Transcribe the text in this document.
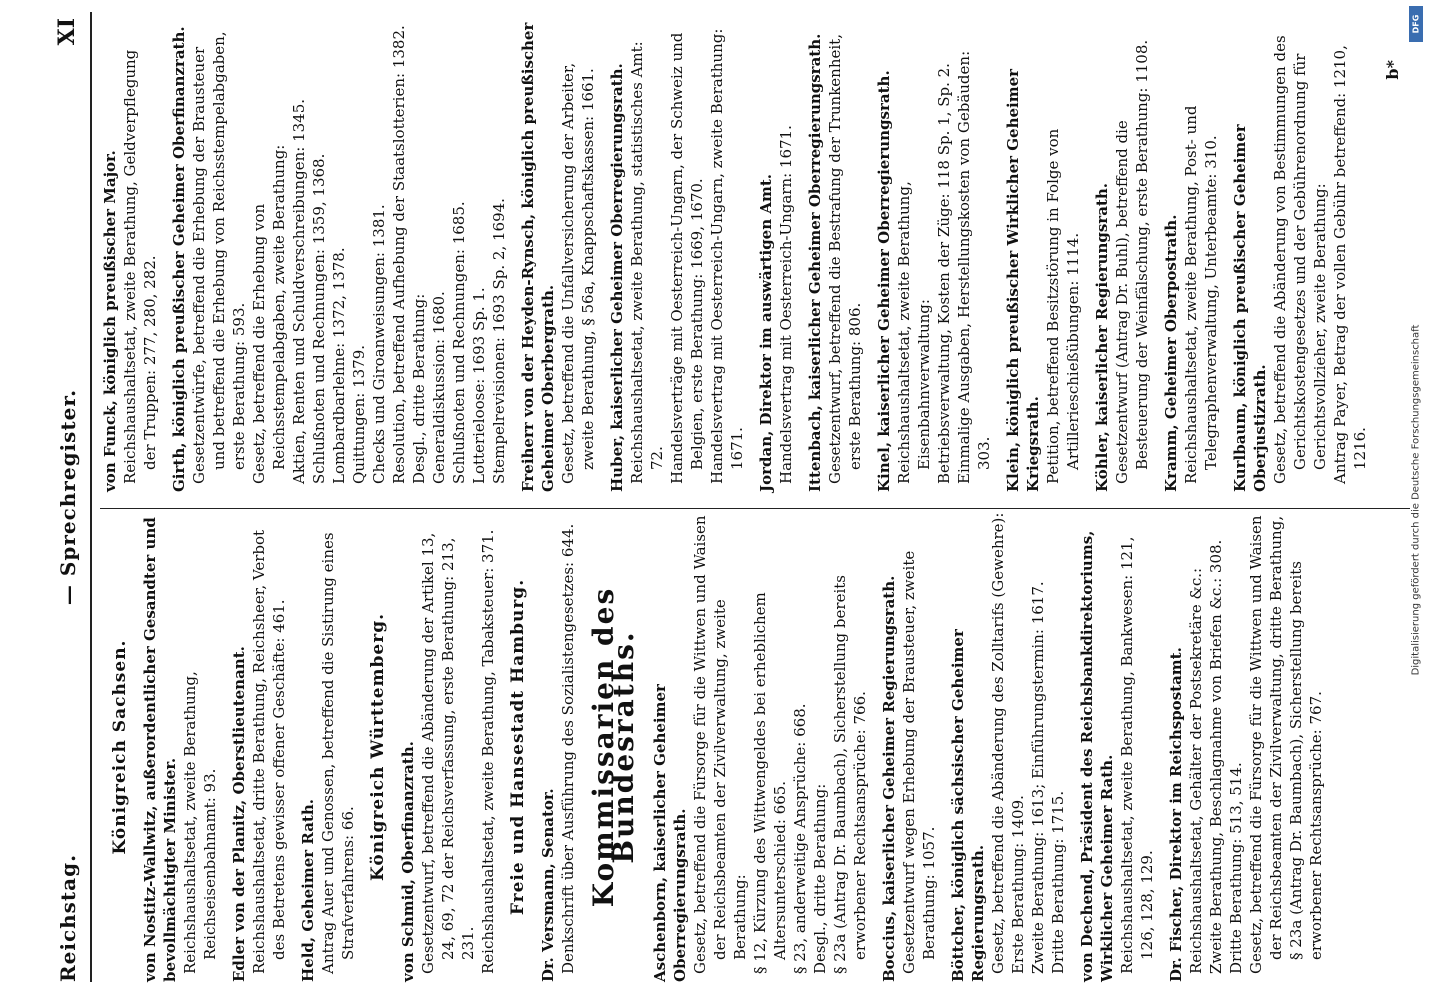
Reichstag.
— Sprechregister.
XI
Königreich Sachsen. von Nostitz-Wallwitz, außerordentlicher Gesandter und bevollmächtigter Minister. Reichshaushaltsetat, zweite Berathung, Reichseisenbahnamt: 93. Edler von der Planitz, Oberstlieutenant. Reichshaushaltsetat, dritte Berathung, Reichsheer, Verbot des Betretens gewisser offener Geschäfte: 461. Held, Geheimer Rath. Antrag Auer und Genossen, betreffend die Sistirung eines Strafverfahrens: 66.

Königreich Württemberg. von Schmid, Oberfinanzrath. Gesetzentwurf, betreffend die Abänderung der Artikel 13, 24, 69, 72 der Reichsverfassung, erste Berathung: 213, 231. Reichshaushaltsetat, zweite Berathung, Tabaksteuer: 371. Freie und Hansestadt Hamburg. Dr. Versmann, Senator. Denkschrift über Ausführung des Sozialistengesetzes: 644. Kommissarien des Bundesraths. Aschenborn, kaiserlicher Geheimer Oberregierungsrath. Gesetz, betreffend die Fürsorge für die Wittwen und Waisen der Reichsbeamten der Zivilverwaltung, zweite Berathung: § 12, Kürzung des Wittwengeldes bei erheblichem Altersunterschied: 665. § 23, anderweitige Ansprüche: 668. Desgl., dritte Berathung: § 23a (Antrag Dr. Baumbach), Sicherstellung bereits erworbener Rechtsansprüche: 766. Boccius, kaiserlicher Geheimer Regierungsrath. Gesetzentwurf wegen Erhebung der Brausteuer, zweite Berathung: 1057. Böttcher, königlich sächsischer Geheimer Regierungsrath. Gesetz, betreffend die Abänderung des Zolltarifs (Gewehre): Erste Berathung: 1409. Zweite Berathung: 1613; Einführungstermin: 1617. Dritte Berathung: 1715. von Dechend, Präsident des Reichsbankdirektoriums, Wirklicher Geheimer Rath. Reichshaushaltsetat, zweite Berathung, Bankwesen: 121, 126, 128, 129. Dr. Fischer, Direktor im Reichspostamt. Reichshaushaltsetat, Gehälter der Postsekretäre &c.: Zweite Berathung, Beschlagnahme von Briefen &c.: 308. Dritte Berathung: 513, 514. Gesetz, betreffend die Fürsorge für die Wittwen und Waisen der Reichsbeamten der Zivilverwaltung, dritte Berathung, § 23a (Antrag Dr. Baumbach), Sicherstellung bereits erworbener Rechtsansprüche: 767.

von Funck, königlich preußischer Major. Reichshaushaltsetat, zweite Berathung, Geldverpflegung der Truppen: 277, 280, 282. Girth, königlich preußischer Geheimer Oberfinanzrath. Gesetzentwürfe, betreffend die Erhebung der Brausteuer und betreffend die Erhebung von Reichsstempelabgaben, erste Berathung: 593. Gesetz, betreffend die Erhebung von Reichsstempelabgaben, zweite Berathung: Aktien, Renten und Schuldverschreibungen: 1345. Schlußnoten und Rechnungen: 1359, 1368. Lombardbarlehne: 1372, 1378. Quittungen: 1379. Checks und Giroanweisungen: 1381. Resolution, betreffend Aufhebung der Staatslotterien: 1382. Desgl., dritte Berathung: Generaldiskussion: 1680. Schlußnoten und Rechnungen: 1685. Lotterieloose: 1693 Sp. 1. Stempelrevisionen: 1693 Sp. 2, 1694. Freiherr von der Heyden-Rynsch, königlich preußischer Geheimer Oberbergrath. Gesetz, betreffend die Unfallversicherung der Arbeiter, zweite Berathung, § 56a, Knappschaftskassen: 1661. Huber, kaiserlicher Geheimer Oberregierungsrath. Reichshaushaltsetat, zweite Berathung, statistisches Amt: 72. Handelsverträge mit Oesterreich-Ungarn, der Schweiz und Belgien, erste Berathung: 1669, 1670. Handelsvertrag mit Oesterreich-Ungarn, zweite Berathung: 1671. Jordan, Direktor im auswärtigen Amt. Handelsvertrag mit Oesterreich-Ungarn: 1671. Ittenbach, kaiserlicher Geheimer Oberregierungsrath. Gesetzentwurf, betreffend die Bestrafung der Trunkenheit, erste Berathung: 806. Kinel, kaiserlicher Geheimer Oberregierungsrath. Reichshaushaltsetat, zweite Berathung, Eisenbahnverwaltung: Betriebsverwaltung, Kosten der Züge: 118 Sp. 1, Sp. 2. Einmalige Ausgaben, Herstellungskosten von Gebäuden: 303. Klein, königlich preußischer Wirklicher Geheimer Kriegsrath. Petition, betreffend Besitzstörung in Folge von Artillerieschießübungen: 1114. Köhler, kaiserlicher Regierungsrath. Gesetzentwurf (Antrag Dr. Buhl), betreffend die Besteuerung der Weinfälschung, erste Berathung: 1108. Kramm, Geheimer Oberpostrath. Reichshaushaltsetat, zweite Berathung, Post- und Telegraphenverwaltung, Unterbeamte: 310. Kurlbaum, königlich preußischer Geheimer Oberjustizrath. Gesetz, betreffend die Abänderung von Bestimmungen des Gerichtskostengesetzes und der Gebührenordnung für Gerichtsvollzieher, zweite Berathung: Antrag Payer, Betrag der vollen Gebühr betreffend: 1210, 1216.

b*
DFG
Digitalisierung gefördert durch die Deutsche Forschungsgemeinschaft
